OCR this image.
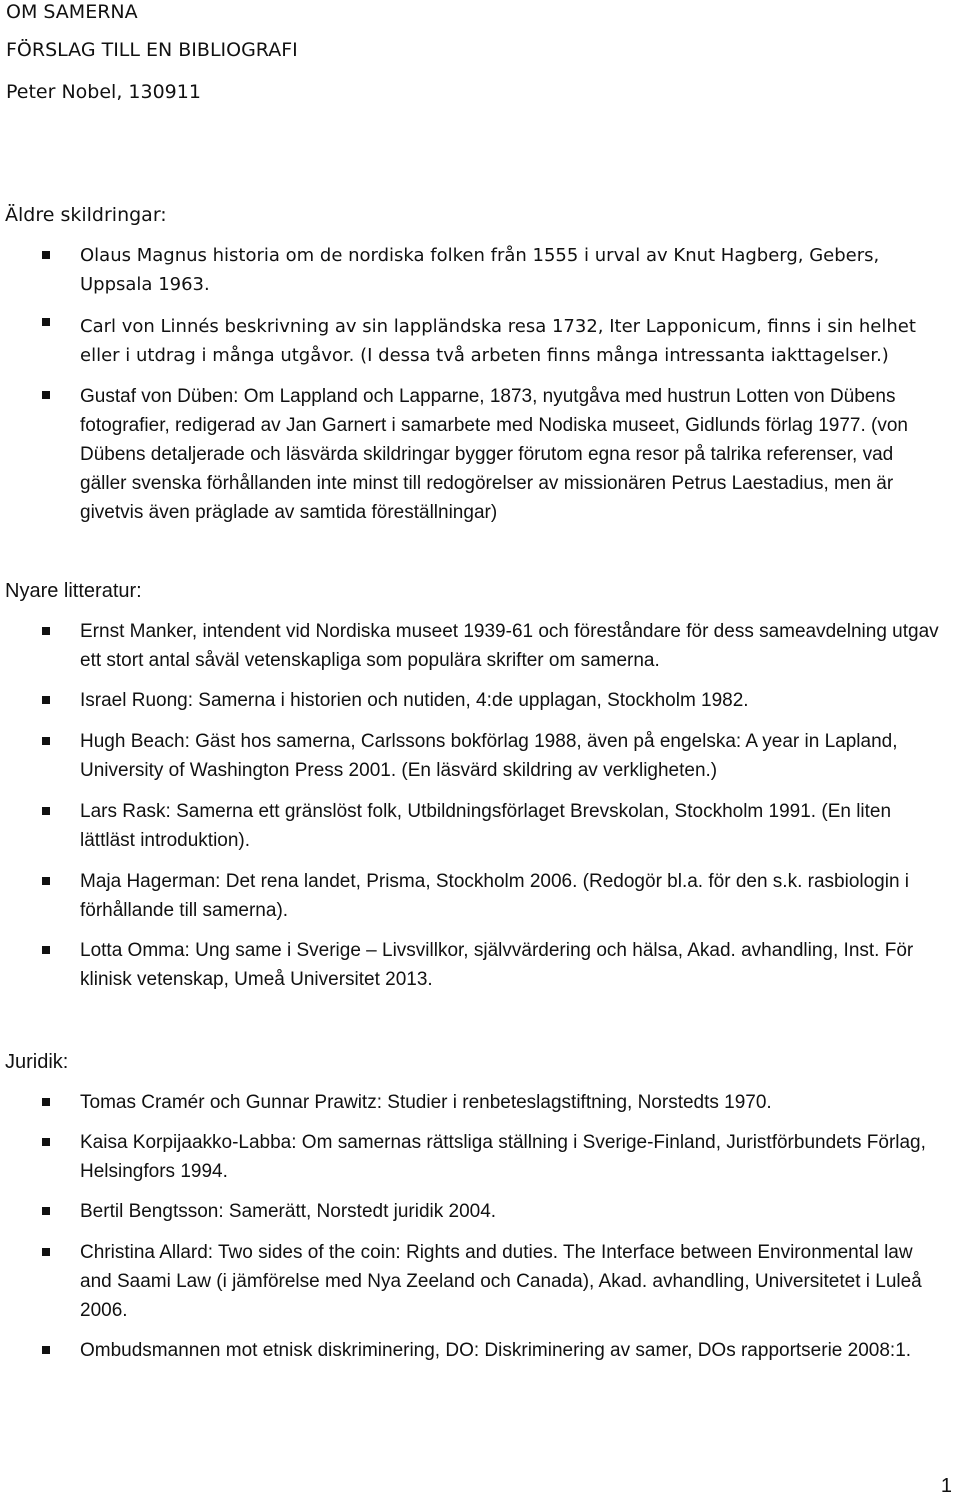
OM SAMERNA
FÖRSLAG TILL EN BIBLIOGRAFI
Peter Nobel, 130911
Äldre skildringar:

Olaus Magnus historia om de nordiska folken från 1555 i urval av Knut Hagberg, Gebers, Uppsala 1963.

Carl von Linnés beskrivning av sin lappländska resa 1732, Iter Lapponicum, finns i sin helhet eller i utdrag i många utgåvor. (I dessa två arbeten finns många intressanta iakttagelser.)

Gustaf von Düben: Om Lappland och Lapparne, 1873, nyutgåva med hustrun Lotten von Dübens fotografier, redigerad av Jan Garnert i samarbete med Nodiska museet, Gidlunds förlag 1977. (von Dübens detaljerade och läsvärda skildringar bygger förutom egna resor på talrika referenser, vad gäller svenska förhållanden inte minst till redogörelser av missionären Petrus Laestadius, men är givetvis även präglade av samtida föreställningar)

Nyare litteratur:

Ernst Manker, intendent vid Nordiska museet 1939-61 och föreståndare för dess sameavdelning utgav ett stort antal såväl vetenskapliga som populära skrifter om samerna.

Israel Ruong: Samerna i historien och nutiden, 4:de upplagan, Stockholm 1982.

Hugh Beach: Gäst hos samerna, Carlssons bokförlag 1988, även på engelska: A year in Lapland, University of Washington Press 2001. (En läsvärd skildring av verkligheten.)

Lars Rask: Samerna ett gränslöst folk, Utbildningsförlaget Brevskolan, Stockholm 1991. (En liten lättläst introduktion).

Maja Hagerman: Det rena landet, Prisma, Stockholm 2006. (Redogör bl.a. för den s.k. rasbiologin i förhållande till samerna).

Lotta Omma: Ung same i Sverige – Livsvillkor, självvärdering och hälsa, Akad. avhandling, Inst. För klinisk vetenskap, Umeå Universitet 2013.

Juridik:

Tomas Cramér och Gunnar Prawitz: Studier i renbeteslagstiftning, Norstedts 1970.

Kaisa Korpijaakko-Labba: Om samernas rättsliga ställning i Sverige-Finland, Juristförbundets Förlag, Helsingfors 1994.

Bertil Bengtsson: Samerätt, Norstedt juridik 2004.

Christina Allard: Two sides of the coin: Rights and duties. The Interface between Environmental law and Saami Law (i jämförelse med Nya Zeeland och Canada), Akad. avhandling, Universitetet i Luleå 2006.

Ombudsmannen mot etnisk diskriminering, DO: Diskriminering av samer, DOs rapportserie 2008:1.

1
